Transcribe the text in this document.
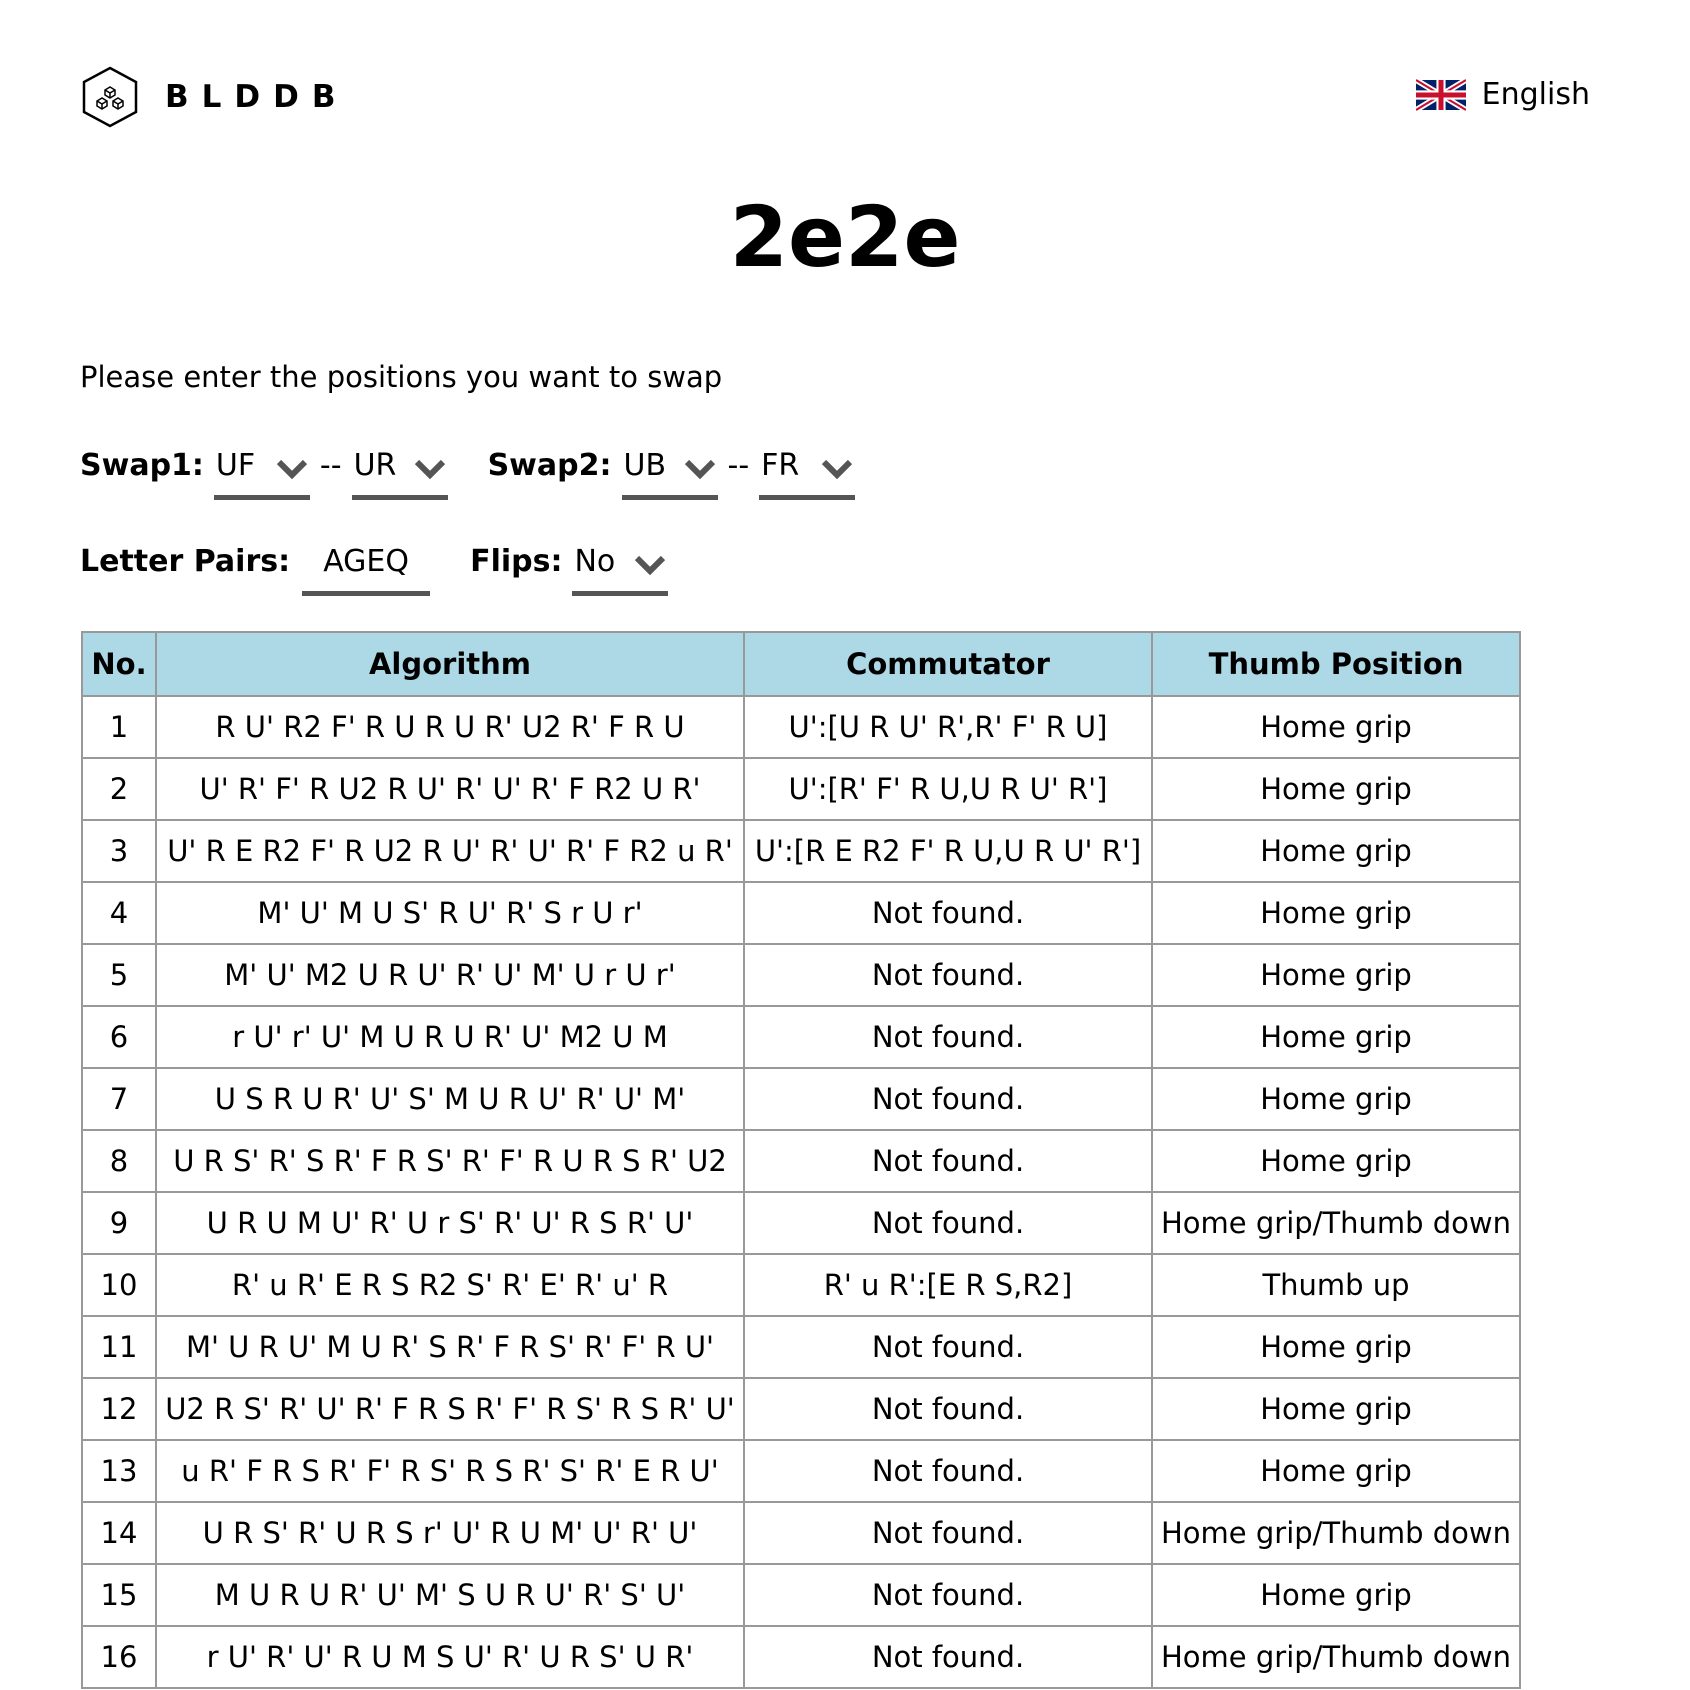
BLDDB	English
2e2e
Please enter the positions you want to swap
Swap1: UF -- UR	Swap2: UB -- FR
Letter Pairs:	AGEQ	Flips: No
No.	Algorithm	Commutator	Thumb Position
1	R U' R2 F' R U R U R' U2 R' F R U	U':[U R U' R',R' F' R U]	Home grip
2	U' R' F' R U2 R U' R' U' R' F R2 U R'	U':[R' F' R U,U R U' R']	Home grip
3	U' R E R2 F' R U2 R U' R' U' R' F R2 u R'	U':[R E R2 F' R U,U R U' R']	Home grip
4	M' U' M U S' R U' R' S r U r'	Not found.	Home grip
5	M' U' M2 U R U' R' U' M' U r U r'	Not found.	Home grip
6	r U' r' U' M U R U R' U' M2 U M	Not found.	Home grip
7	U S R U R' U' S' M U R U' R' U' M'	Not found.	Home grip
8	U R S' R' S R' F R S' R' F' R U R S R' U2	Not found.	Home grip
9	U R U M U' R' U r S' R' U' R S R' U'	Not found.	Home grip/Thumb down
10	R' u R' E R S R2 S' R' E' R' u' R	R' u R':[E R S,R2]	Thumb up
11	M' U R U' M U R' S R' F R S' R' F' R U'	Not found.	Home grip
12	U2 R S' R' U' R' F R S R' F' R S' R S R' U'	Not found.	Home grip
13	u R' F R S R' F' R S' R S R' S' R' E R U'	Not found.	Home grip
14	U R S' R' U R S r' U' R U M' U' R' U'	Not found.	Home grip/Thumb down
15	M U R U R' U' M' S U R U' R' S' U'	Not found.	Home grip
16	r U' R' U' R U M S U' R' U R S' U R'	Not found.	Home grip/Thumb down
